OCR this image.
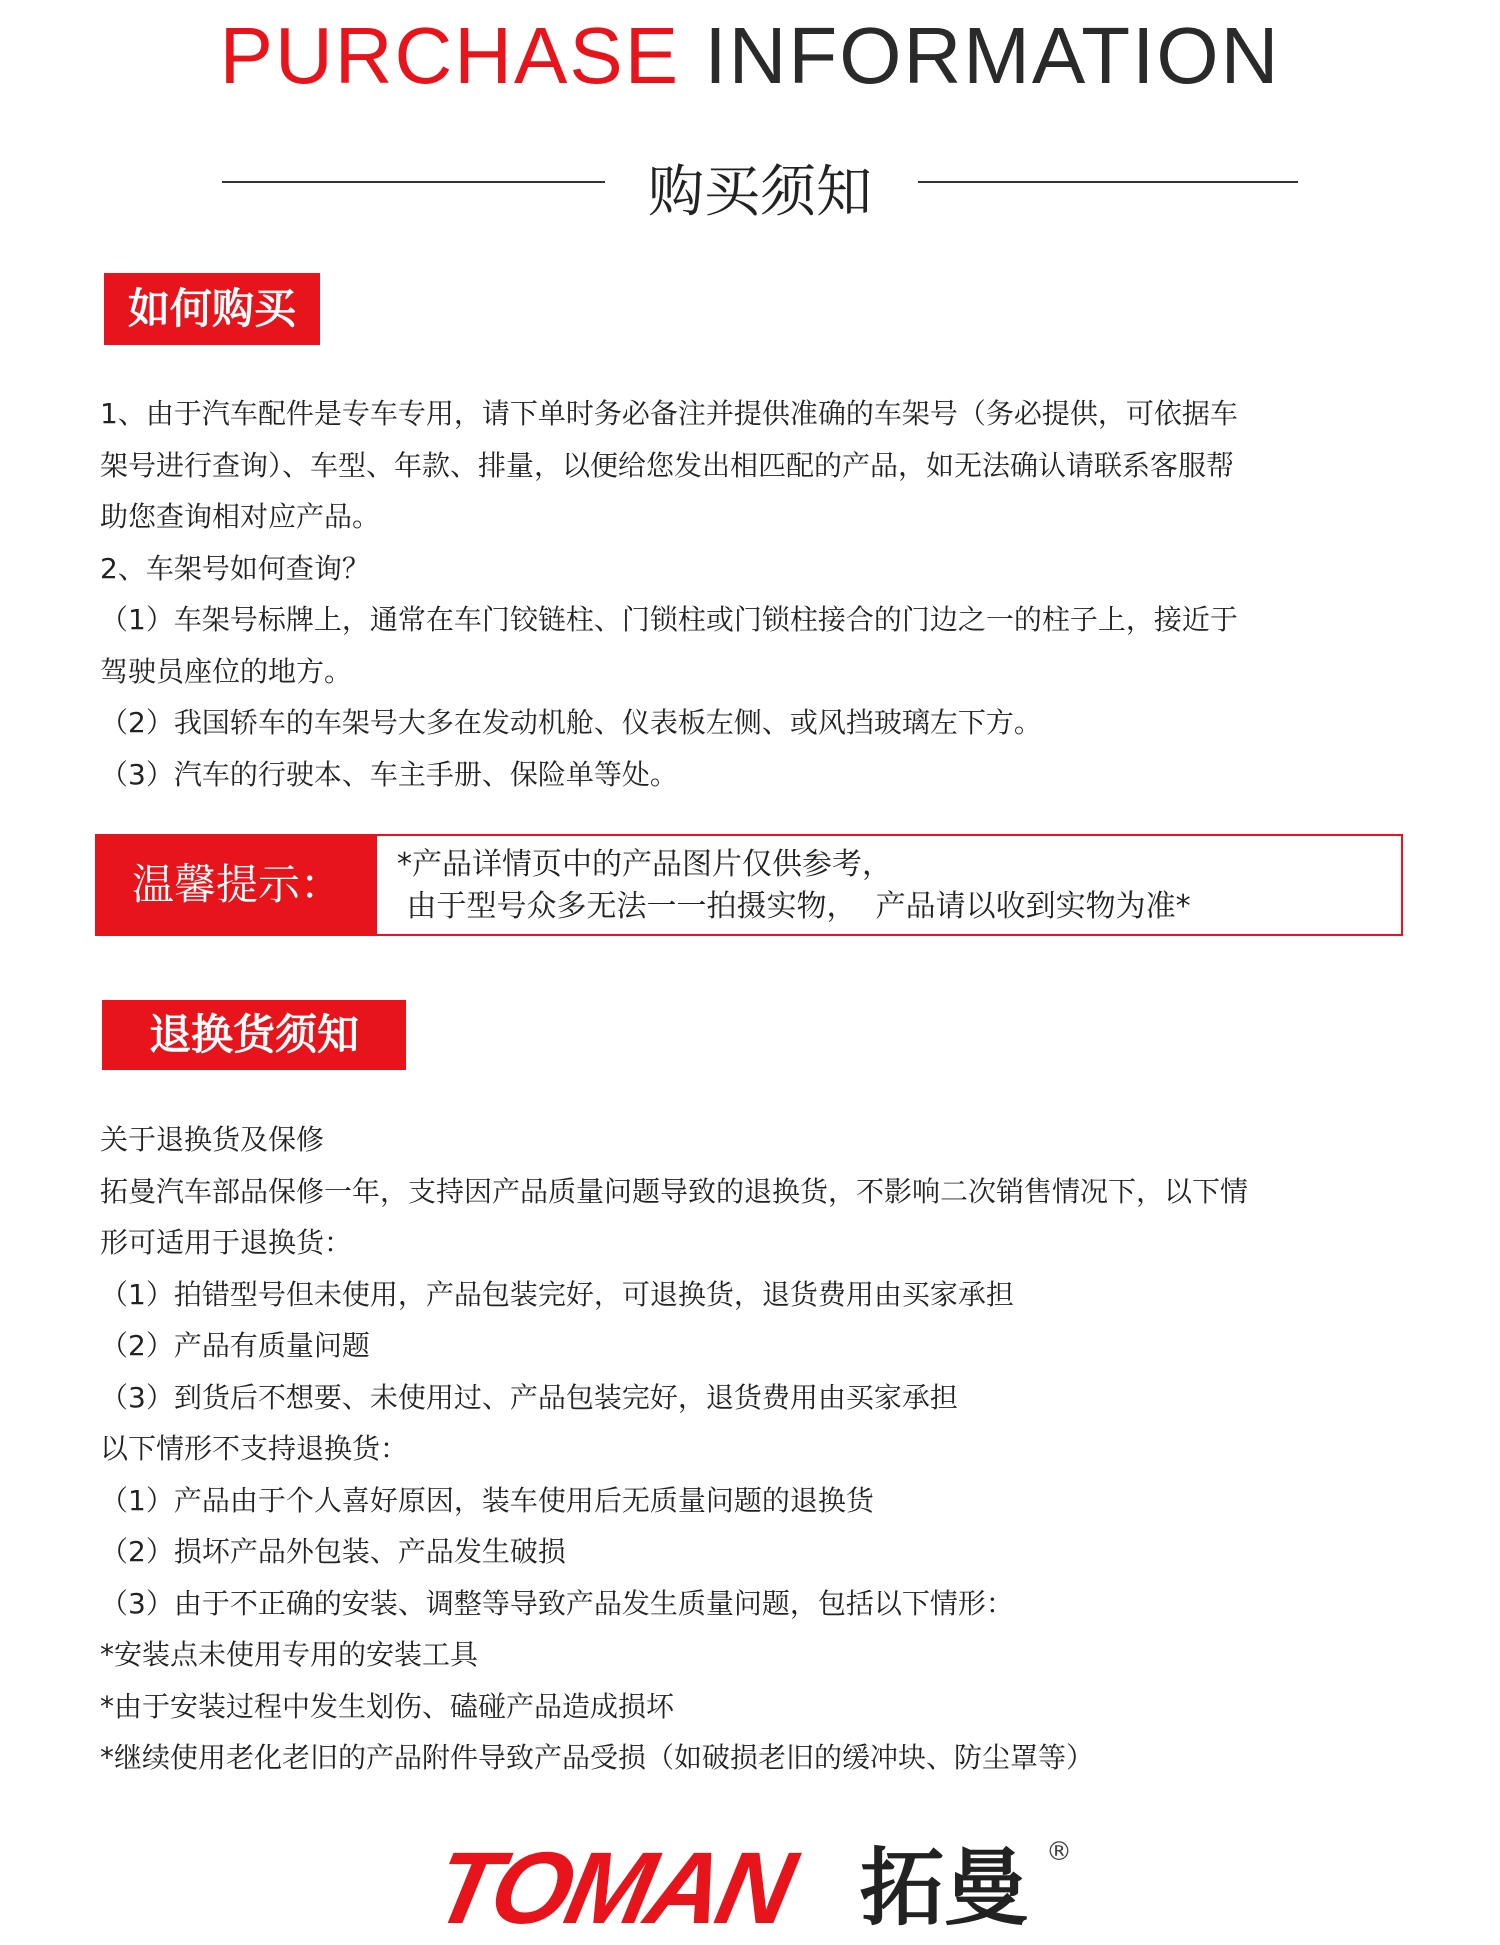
PURCHASE INFORMATION
购买须知
如何购买
1、由于汽车配件是专车专用，请下单时务必备注并提供准确的车架号（务必提供，可依据车
架号进行查询）、车型、年款、排量，以便给您发出相匹配的产品，如无法确认请联系客服帮
助您查询相对应产品。
2、车架号如何查询？
（1）车架号标牌上，通常在车门铰链柱、门锁柱或门锁柱接合的门边之一的柱子上，接近于
驾驶员座位的地方。
（2）我国轿车的车架号大多在发动机舱、仪表板左侧、或风挡玻璃左下方。
（3）汽车的行驶本、车主手册、保险单等处。
温馨提示：	*产品详情页中的产品图片仅供参考，
由于型号众多无法一一拍摄实物，  产品请以收到实物为准*
退换货须知
关于退换货及保修
拓曼汽车部品保修一年，支持因产品质量问题导致的退换货，不影响二次销售情况下，以下情
形可适用于退换货：
（1）拍错型号但未使用，产品包装完好，可退换货，退货费用由买家承担
（2）产品有质量问题
（3）到货后不想要、未使用过、产品包装完好，退货费用由买家承担
以下情形不支持退换货：
（1）产品由于个人喜好原因，装车使用后无质量问题的退换货
（2）损坏产品外包装、产品发生破损
（3）由于不正确的安装、调整等导致产品发生质量问题，包括以下情形：
*安装点未使用专用的安装工具
*由于安装过程中发生划伤、磕碰产品造成损坏
*继续使用老化老旧的产品附件导致产品受损（如破损老旧的缓冲块、防尘罩等）
TOMAN 拓曼 ®
